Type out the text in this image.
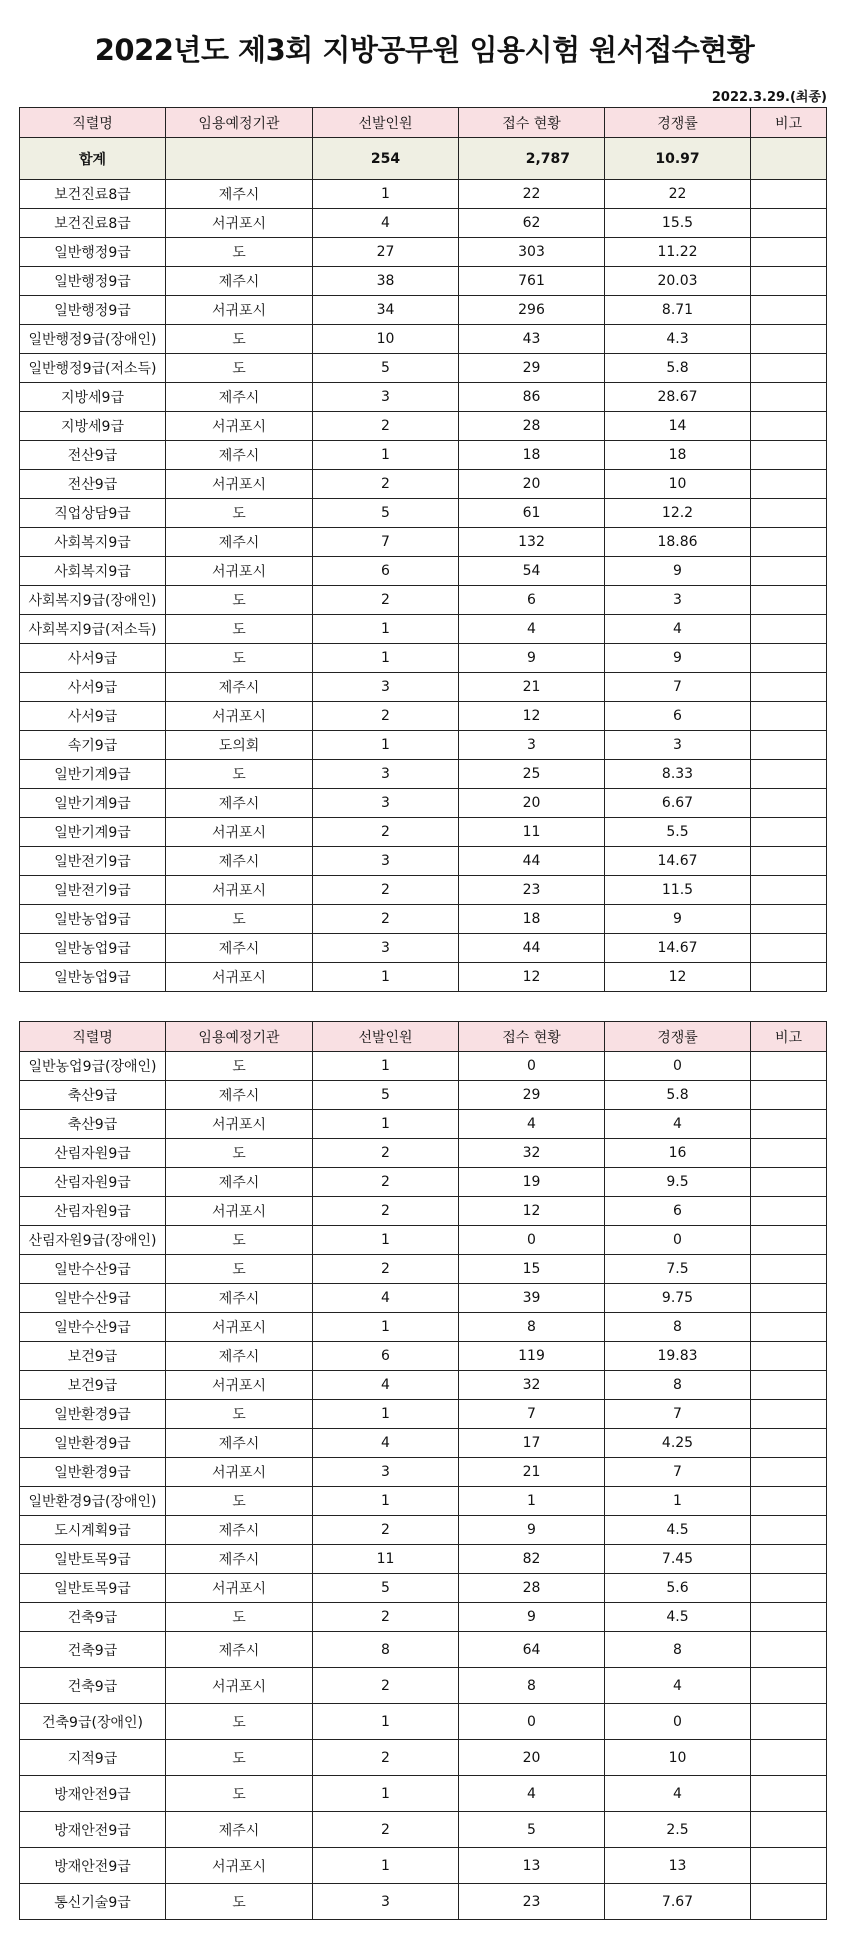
2022년도 제3회 지방공무원 임용시험 원서접수현황
2022.3.29.(최종)
직렬명	임용예정기관	선발인원	접수 현황	경쟁률	비고
합계		254	2,787	10.97	
보건진료8급	제주시	1	22	22	
보건진료8급	서귀포시	4	62	15.5	
일반행정9급	도	27	303	11.22	
일반행정9급	제주시	38	761	20.03	
일반행정9급	서귀포시	34	296	8.71	
일반행정9급(장애인)	도	10	43	4.3	
일반행정9급(저소득)	도	5	29	5.8	
지방세9급	제주시	3	86	28.67	
지방세9급	서귀포시	2	28	14	
전산9급	제주시	1	18	18	
전산9급	서귀포시	2	20	10	
직업상담9급	도	5	61	12.2	
사회복지9급	제주시	7	132	18.86	
사회복지9급	서귀포시	6	54	9	
사회복지9급(장애인)	도	2	6	3	
사회복지9급(저소득)	도	1	4	4	
사서9급	도	1	9	9	
사서9급	제주시	3	21	7	
사서9급	서귀포시	2	12	6	
속기9급	도의회	1	3	3	
일반기계9급	도	3	25	8.33	
일반기계9급	제주시	3	20	6.67	
일반기계9급	서귀포시	2	11	5.5	
일반전기9급	제주시	3	44	14.67	
일반전기9급	서귀포시	2	23	11.5	
일반농업9급	도	2	18	9	
일반농업9급	제주시	3	44	14.67	
일반농업9급	서귀포시	1	12	12	
직렬명	임용예정기관	선발인원	접수 현황	경쟁률	비고
일반농업9급(장애인)	도	1	0	0	
축산9급	제주시	5	29	5.8	
축산9급	서귀포시	1	4	4	
산림자원9급	도	2	32	16	
산림자원9급	제주시	2	19	9.5	
산림자원9급	서귀포시	2	12	6	
산림자원9급(장애인)	도	1	0	0	
일반수산9급	도	2	15	7.5	
일반수산9급	제주시	4	39	9.75	
일반수산9급	서귀포시	1	8	8	
보건9급	제주시	6	119	19.83	
보건9급	서귀포시	4	32	8	
일반환경9급	도	1	7	7	
일반환경9급	제주시	4	17	4.25	
일반환경9급	서귀포시	3	21	7	
일반환경9급(장애인)	도	1	1	1	
도시계획9급	제주시	2	9	4.5	
일반토목9급	제주시	11	82	7.45	
일반토목9급	서귀포시	5	28	5.6	
건축9급	도	2	9	4.5	
건축9급	제주시	8	64	8	
건축9급	서귀포시	2	8	4	
건축9급(장애인)	도	1	0	0	
지적9급	도	2	20	10	
방재안전9급	도	1	4	4	
방재안전9급	제주시	2	5	2.5	
방재안전9급	서귀포시	1	13	13	
통신기술9급	도	3	23	7.67	
